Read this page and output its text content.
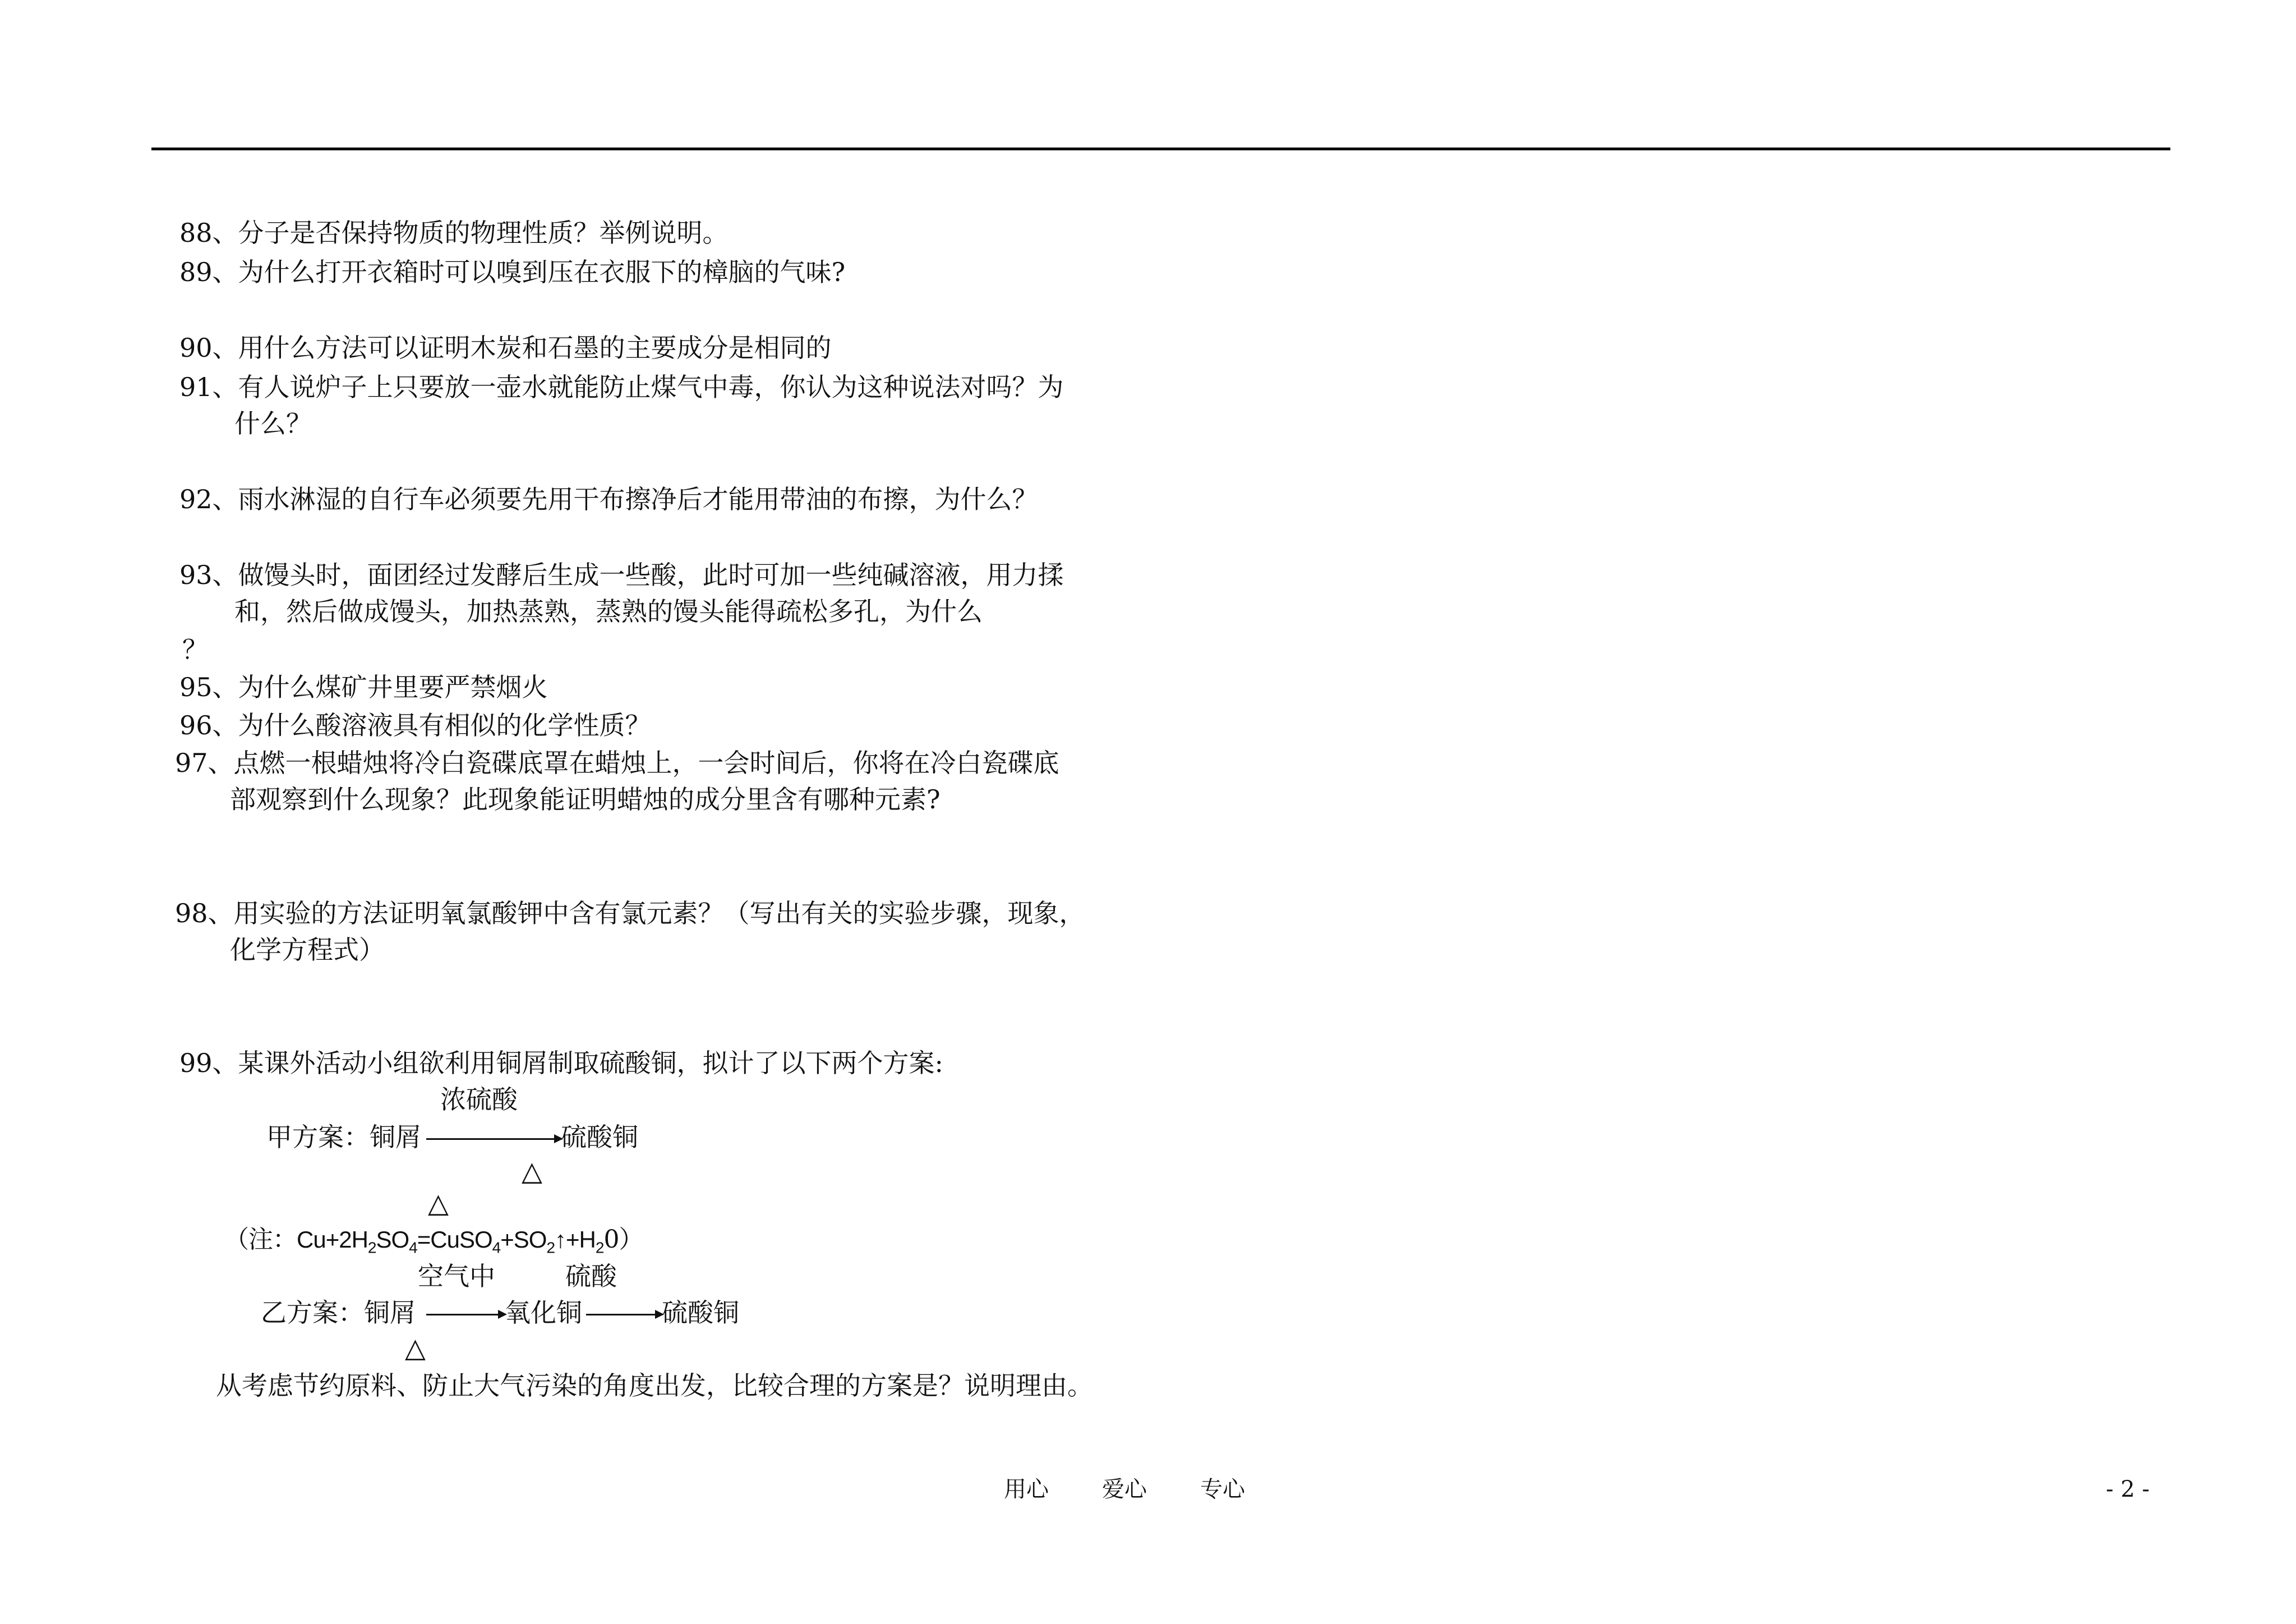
88、分子是否保持物质的物理性质？举例说明。
89、为什么打开衣箱时可以嗅到压在衣服下的樟脑的气味?
90、用什么方法可以证明木炭和石墨的主要成分是相同的
91、有人说炉子上只要放一壶水就能防止煤气中毒，你认为这种说法对吗？为
什么？
92、雨水淋湿的自行车必须要先用干布擦净后才能用带油的布擦，为什么？
93、做馒头时，面团经过发酵后生成一些酸，此时可加一些纯碱溶液，用力揉
和，然后做成馒头，加热蒸熟，蒸熟的馒头能得疏松多孔，为什么
？
95、为什么煤矿井里要严禁烟火
96、为什么酸溶液具有相似的化学性质？
97、点燃一根蜡烛将冷白瓷碟底罩在蜡烛上，一会时间后，你将在冷白瓷碟底
部观察到什么现象？此现象能证明蜡烛的成分里含有哪种元素?
98、用实验的方法证明氧氯酸钾中含有氯元素？（写出有关的实验步骤，现象，
化学方程式）
99、某课外活动小组欲利用铜屑制取硫酸铜，拟计了以下两个方案:
浓硫酸
甲方案：铜屑	硫酸铜
△
△
（注：$Cu+2H_2SO_4=CuSO_4+SO_2↑+H_20$）
空气中	硫酸
乙方案：铜屑	氧化铜	硫酸铜
△
从考虑节约原料、防止大气污染的角度出发，比较合理的方案是？说明理由。
用心 爱心 专心	- 2 -
